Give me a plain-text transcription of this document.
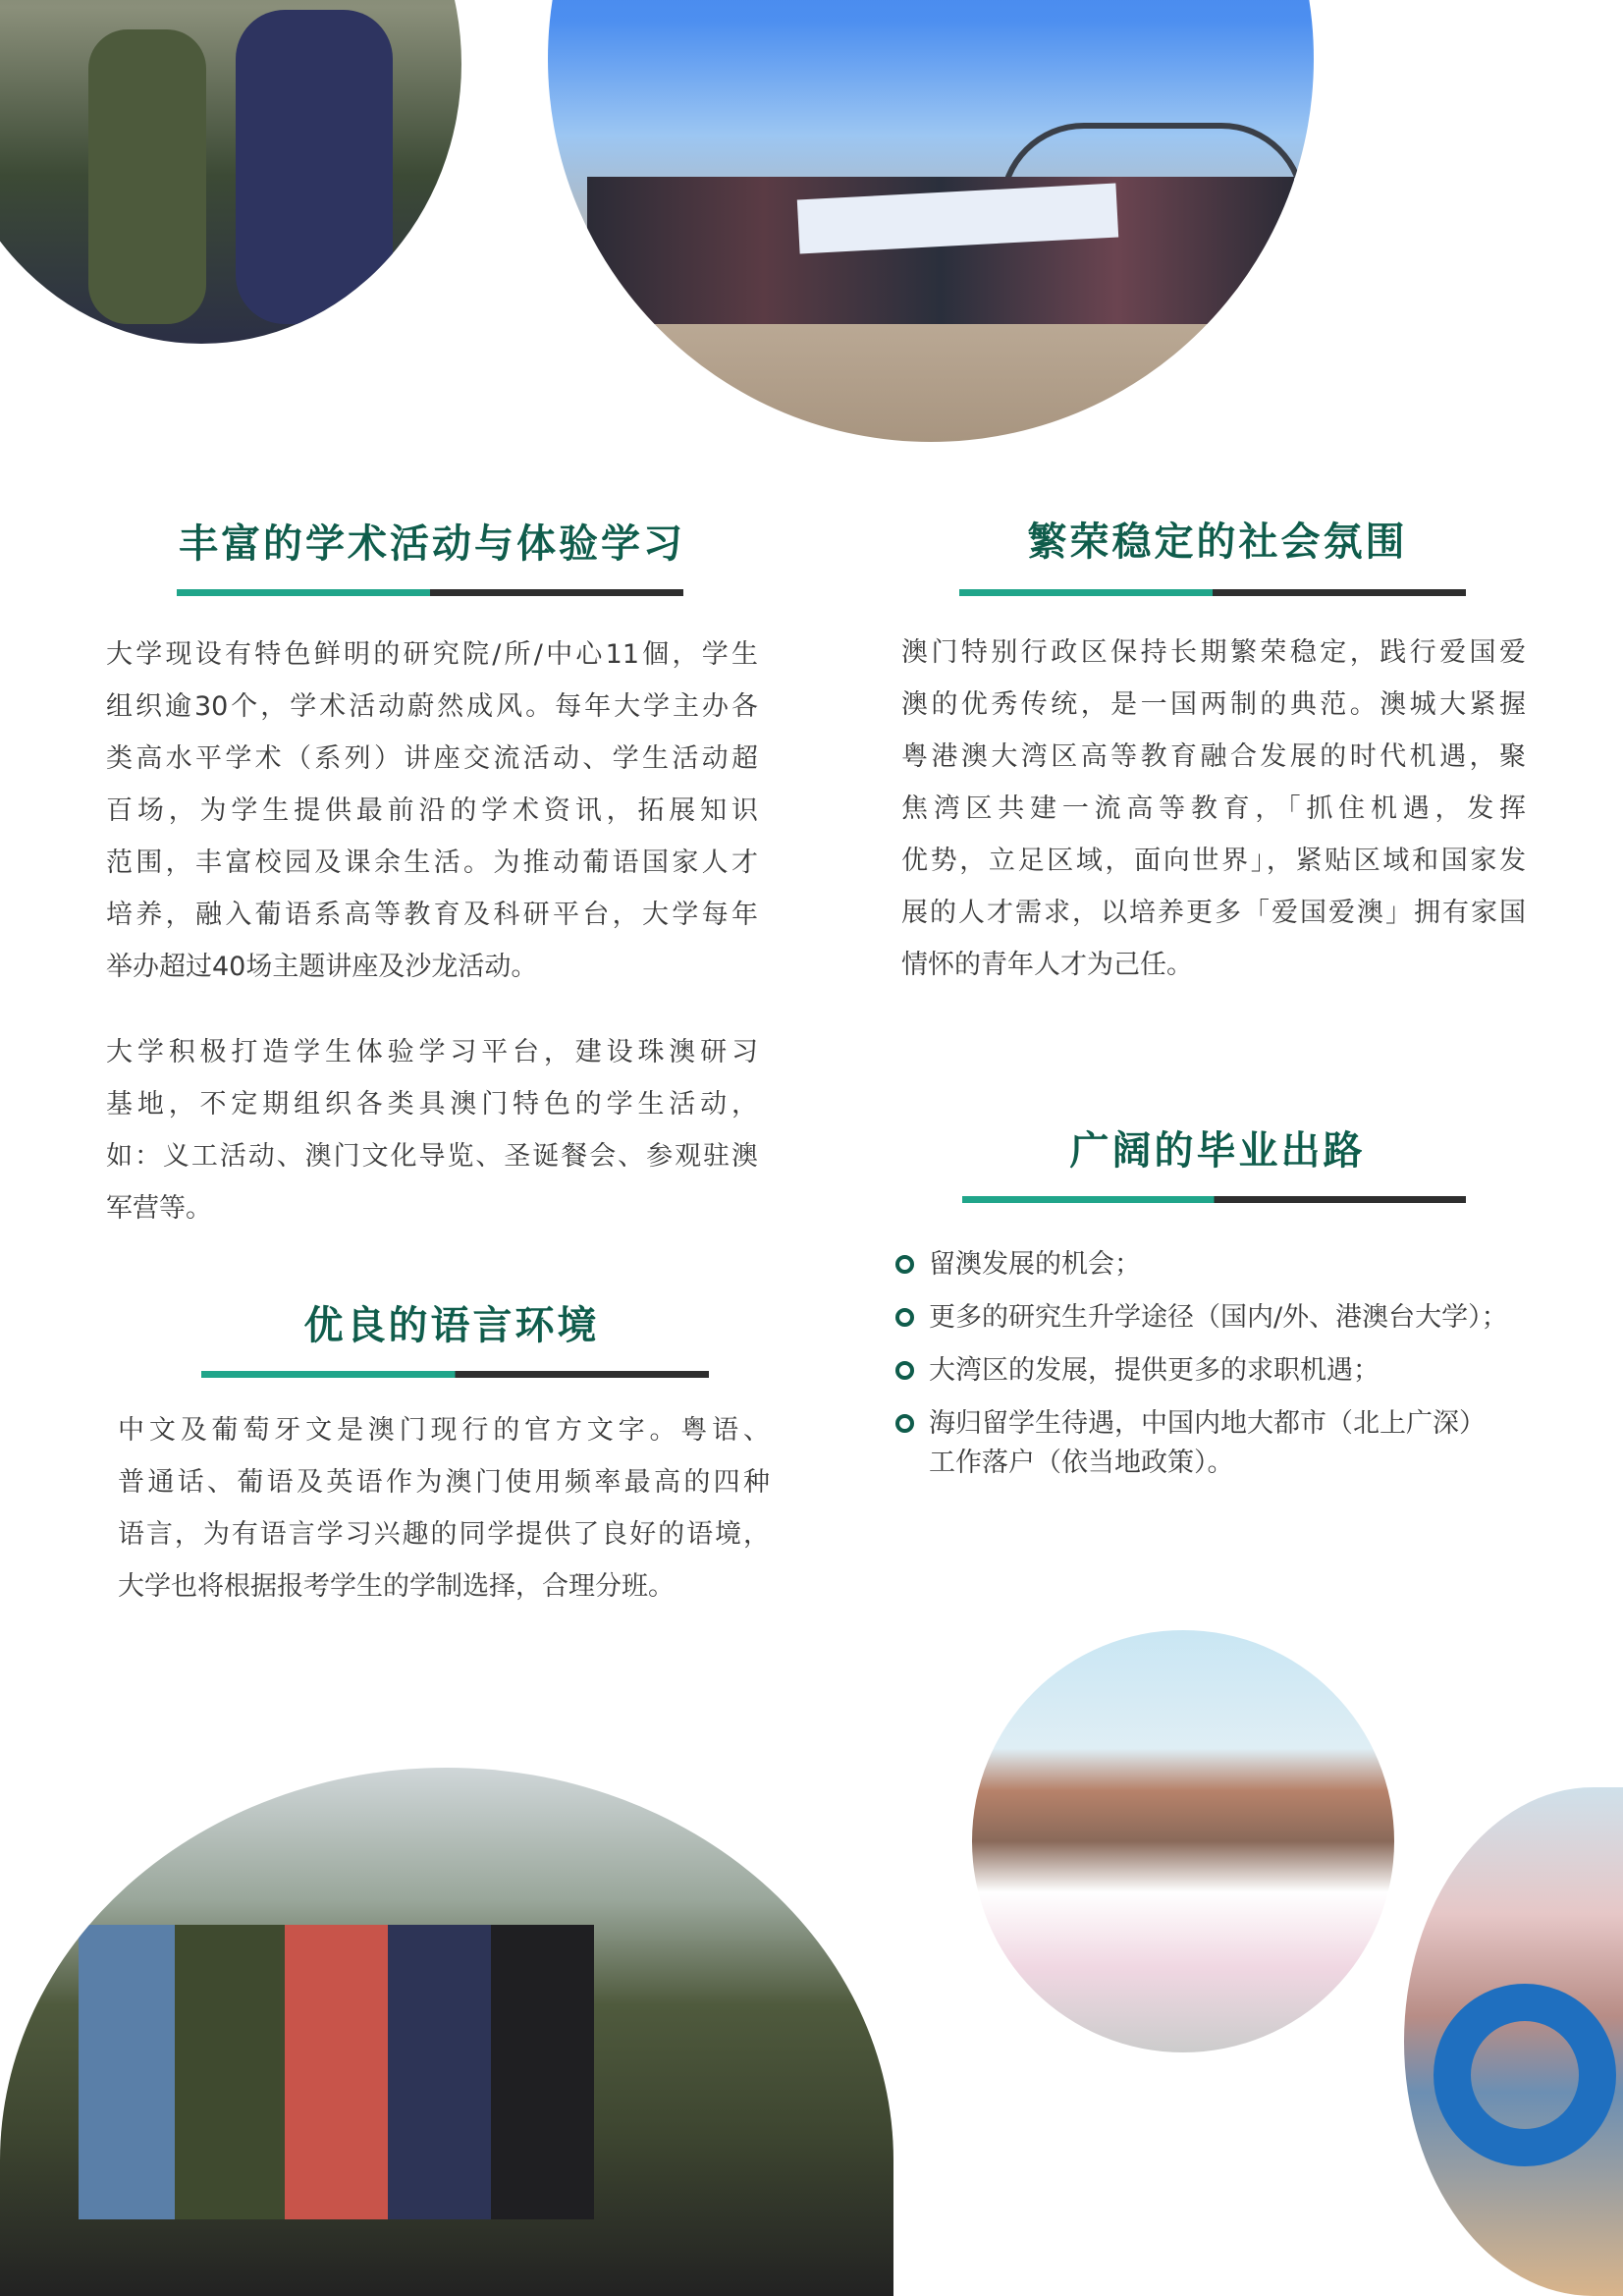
丰富的学术活动与体验学习
大学现设有特色鲜明的研究院/所/中心11個，学生
组织逾30个，学术活动蔚然成风。每年大学主办各
类高水平学术（系列）讲座交流活动、学生活动超
百场，为学生提供最前沿的学术资讯，拓展知识
范围，丰富校园及课余生活。为推动葡语国家人才
培养，融入葡语系高等教育及科研平台，大学每年
举办超过40场主题讲座及沙龙活动。
大学积极打造学生体验学习平台，建设珠澳研习
基地，不定期组织各类具澳门特色的学生活动，
如：义工活动、澳门文化导览、圣诞餐会、参观驻澳
军营等。
优良的语言环境
中文及葡萄牙文是澳门现行的官方文字。粤语、
普通话、葡语及英语作为澳门使用频率最高的四种
语言，为有语言学习兴趣的同学提供了良好的语境，
大学也将根据报考学生的学制选择，合理分班。
繁荣稳定的社会氛围
澳门特别行政区保持长期繁荣稳定，践行爱国爱
澳的优秀传统，是一国两制的典范。澳城大紧握
粤港澳大湾区高等教育融合发展的时代机遇，聚
焦湾区共建一流高等教育，「抓住机遇，发挥
优势，立足区域，面向世界」，紧贴区域和国家发
展的人才需求，以培养更多「爱国爱澳」拥有家国
情怀的青年人才为己任。
广阔的毕业出路
留澳发展的机会；
更多的研究生升学途径（国内/外、港澳台大学）；
大湾区的发展，提供更多的求职机遇；
海归留学生待遇，中国内地大都市（北上广深）
工作落户（依当地政策）。
